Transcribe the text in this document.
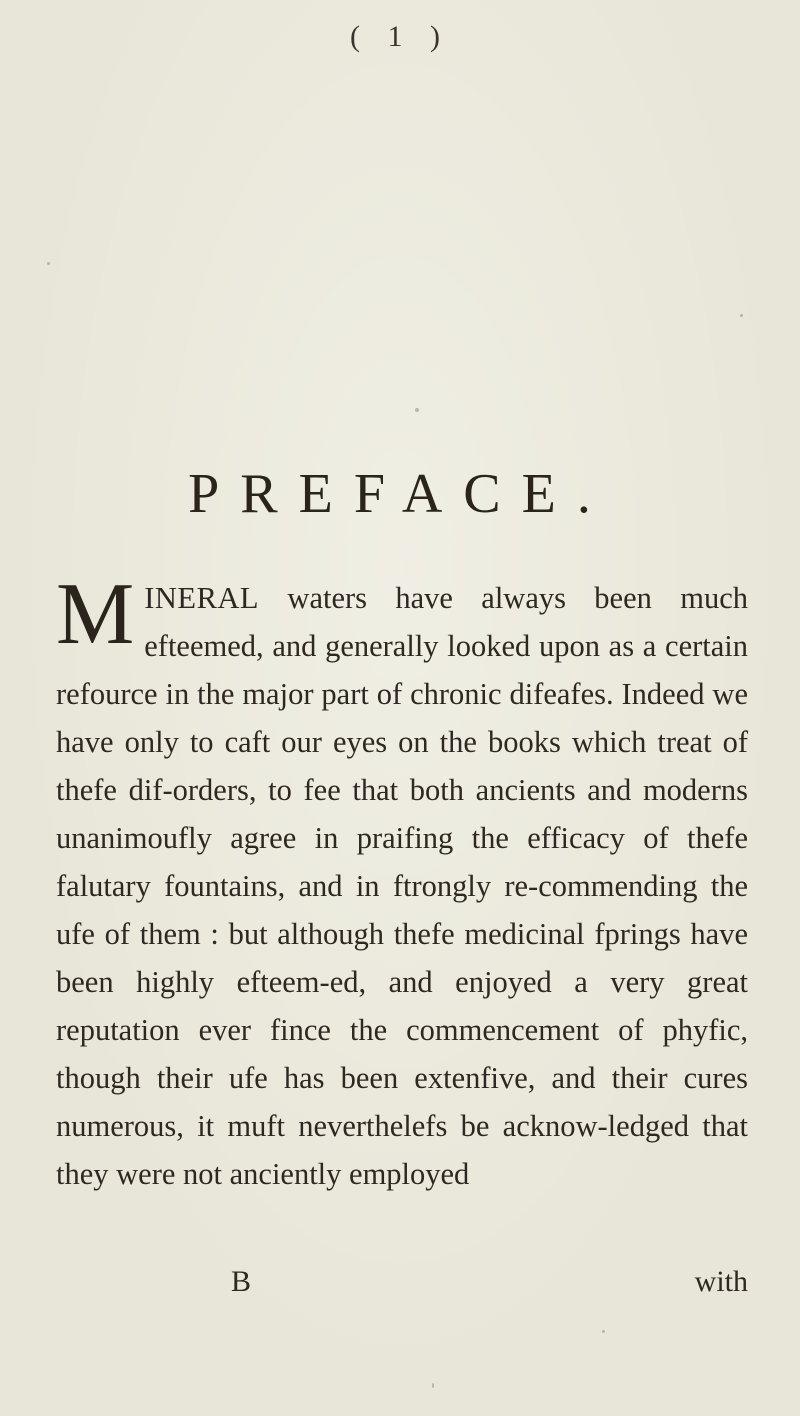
( 1 )
PREFACE.

MINERAL waters have always been much efteemed, and generally looked upon as a certain refource in the major part of chronic difeafes. Indeed we have only to caft our eyes on the books which treat of thefe dif-orders, to fee that both ancients and moderns unanimoufly agree in praifing the efficacy of thefe falutary fountains, and in ftrongly re-commending the ufe of them : but although thefe medicinal fprings have been highly efteem-ed, and enjoyed a very great reputation ever fince the commencement of phyfic, though their ufe has been extenfive, and their cures numerous, it muft neverthelefs be acknow-ledged that they were not anciently employed

B	with
